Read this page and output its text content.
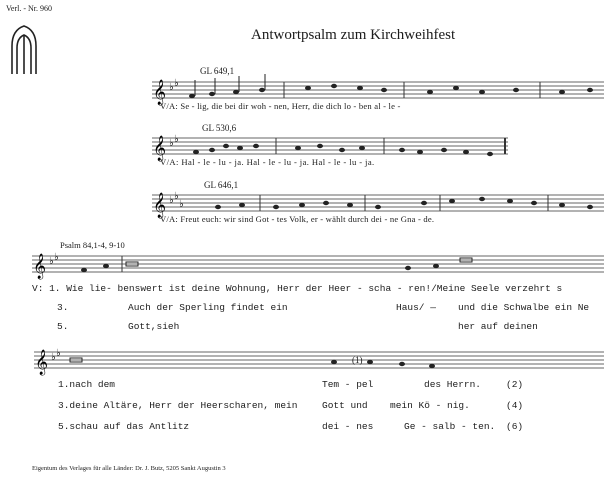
Verl. - Nr. 960
Antwortpsalm zum Kirchweihfest
𝄞 ♭ ♭
𝄞 ♭ ♭
𝄞 ♭ ♭
♭
𝄞 ♭ ♭
𝄞 ♭ ♭
GL 649,1
V/A: Se - lig, die bei dir woh - nen, Herr, die dich lo - ben al - le -
GL 530,6
V/A: Hal - le - lu - ja. Hal - le - lu - ja. Hal - le - lu - ja.
GL 646,1
V/A: Freut euch: wir sind Got - tes Volk, er - wählt durch dei - ne Gna - de.
Psalm 84,1-4, 9-10
V: 1. Wie lie- benswert ist deine Wohnung, Herr der Heer - scha - ren!/Meine Seele verzehrt s
3.	Auch der Sperling findet ein	Haus/ — und die Schwalbe ein Ne
5.	Gott,sieh	her auf deinen
(1)
1.nach dem	Tem - pel	des Herrn.	(2)
3.deine Altäre, Herr der Heerscharen, mein	Gott und mein Kö - nig.	(4)
5.schau auf das Antlitz	dei - nes	Ge - salb - ten. (6)
Eigentum des Verlages für alle Länder: Dr. J. Butz, 5205 Sankt Augustin 3
